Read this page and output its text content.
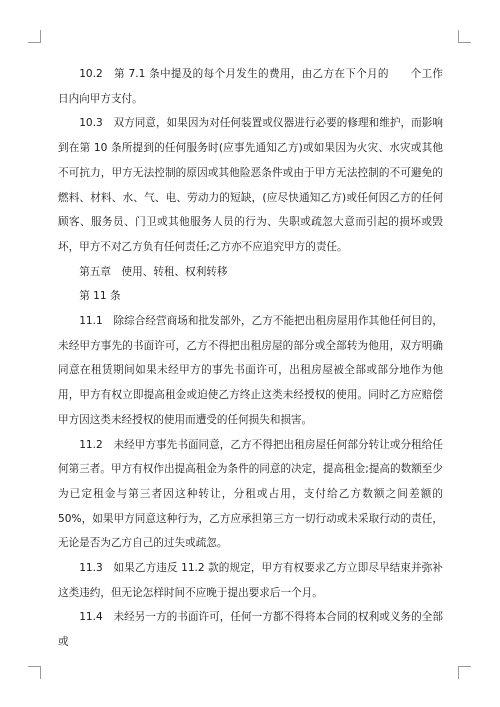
10.2　第 7.1 条中提及的每个月发生的费用，由乙方在下个月的　　个工作日内向甲方支付。

10.3　双方同意，如果因为对任何装置或仪器进行必要的修理和维护，而影响到在第 10 条所提到的任何服务时(应事先通知乙方)或如果因为火灾、水灾或其他不可抗力，甲方无法控制的原因或其他险恶条件或由于甲方无法控制的不可避免的燃料、材料、水、气、电、劳动力的短缺，(应尽快通知乙方)或任何因乙方的任何顾客、服务员、门卫或其他服务人员的行为、失职或疏忽大意而引起的损坏或毁坏，甲方不对乙方负有任何责任;乙方亦不应追究甲方的责任。

第五章　使用、转租、权利转移

第 11 条

11.1　除综合经营商场和批发部外，乙方不能把出租房屋用作其他任何目的，未经甲方事先的书面许可，乙方不得把出租房屋的部分或全部转为他用，双方明确同意在租赁期间如果未经甲方的事先书面许可，出租房屋被全部或部分地作为他用，甲方有权立即提高租金或迫使乙方终止这类未经授权的使用。同时乙方应赔偿甲方因这类未经授权的使用而遭受的任何损失和损害。

11.2　未经甲方事先书面同意，乙方不得把出租房屋任何部分转让或分租给任何第三者。甲方有权作出提高租金为条件的同意的决定，提高租金;提高的数额至少为已定租金与第三者因这种转让，分租或占用，支付给乙方数额之间差额的 50%，如果甲方同意这种行为，乙方应承担第三方一切行动或未采取行动的责任，无论是否为乙方自己的过失或疏忽。

11.3　如果乙方违反 11.2 款的规定，甲方有权要求乙方立即尽早结束并弥补这类违约，但无论怎样时间不应晚于提出要求后一个月。

11.4　未经另一方的书面许可，任何一方都不得将本合同的权利或义务的全部或
